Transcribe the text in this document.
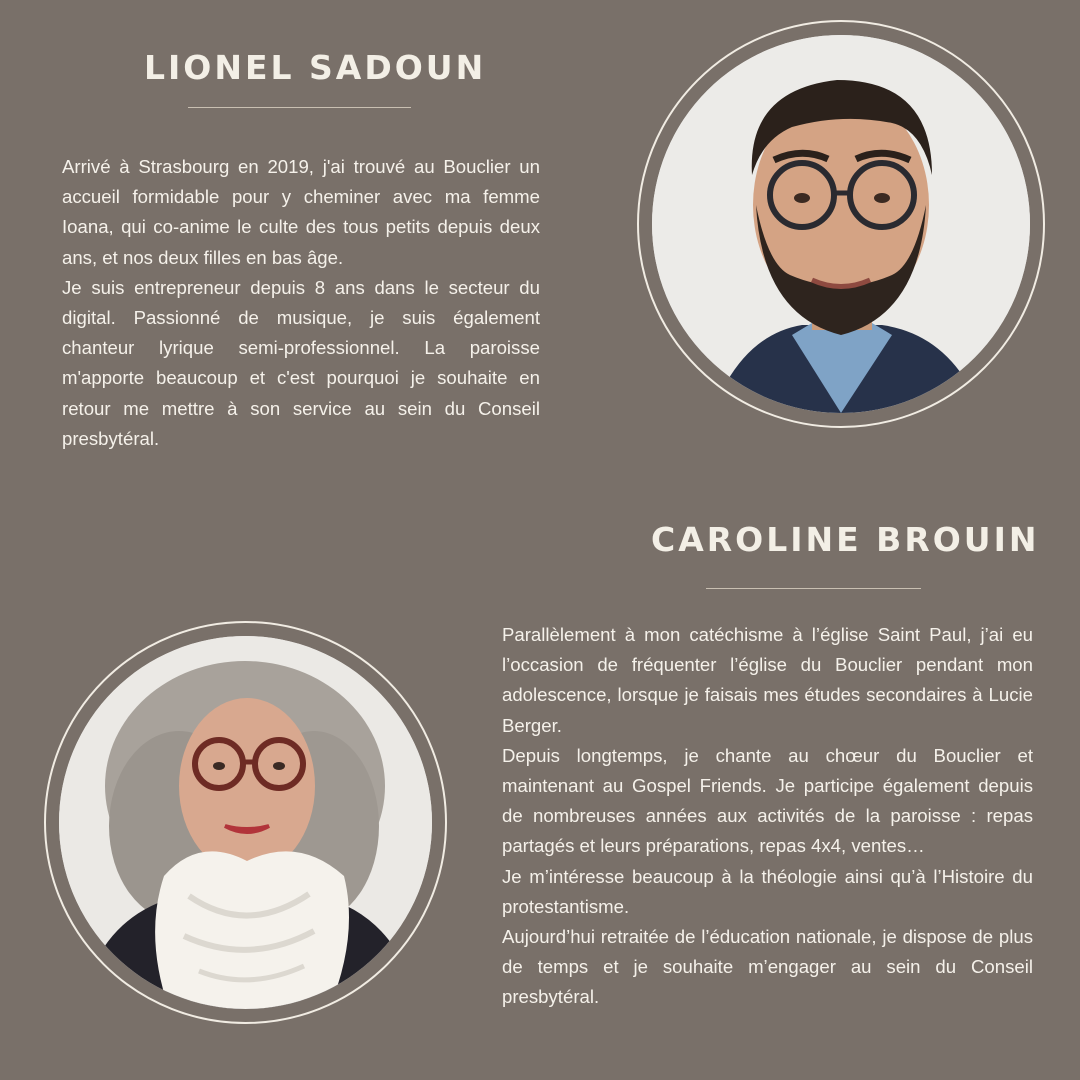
LIONEL SADOUN

Arrivé à Strasbourg en 2019, j'ai trouvé au Bouclier un accueil formidable pour y cheminer avec ma femme Ioana, qui co-anime le culte des tous petits depuis deux ans, et nos deux filles en bas âge.

Je suis entrepreneur depuis 8 ans dans le secteur du digital. Passionné de musique, je suis également chanteur lyrique semi-professionnel. La paroisse m'apporte beaucoup et c'est pourquoi je souhaite en retour me mettre à son service au sein du Conseil presbytéral.

CAROLINE BROUIN

Parallèlement à mon catéchisme à l’église Saint Paul, j’ai eu l’occasion de fréquenter l’église du Bouclier pendant mon adolescence, lorsque je faisais mes études secondaires à Lucie Berger.

Depuis longtemps, je chante au chœur du Bouclier et maintenant au Gospel Friends. Je participe également depuis de nombreuses années aux activités de la paroisse : repas partagés et leurs préparations, repas 4x4, ventes…

Je m’intéresse beaucoup à la théologie ainsi qu’à l’Histoire du protestantisme.

Aujourd’hui retraitée de l’éducation nationale, je dispose de plus de temps et je souhaite m’engager au sein du Conseil presbytéral.
